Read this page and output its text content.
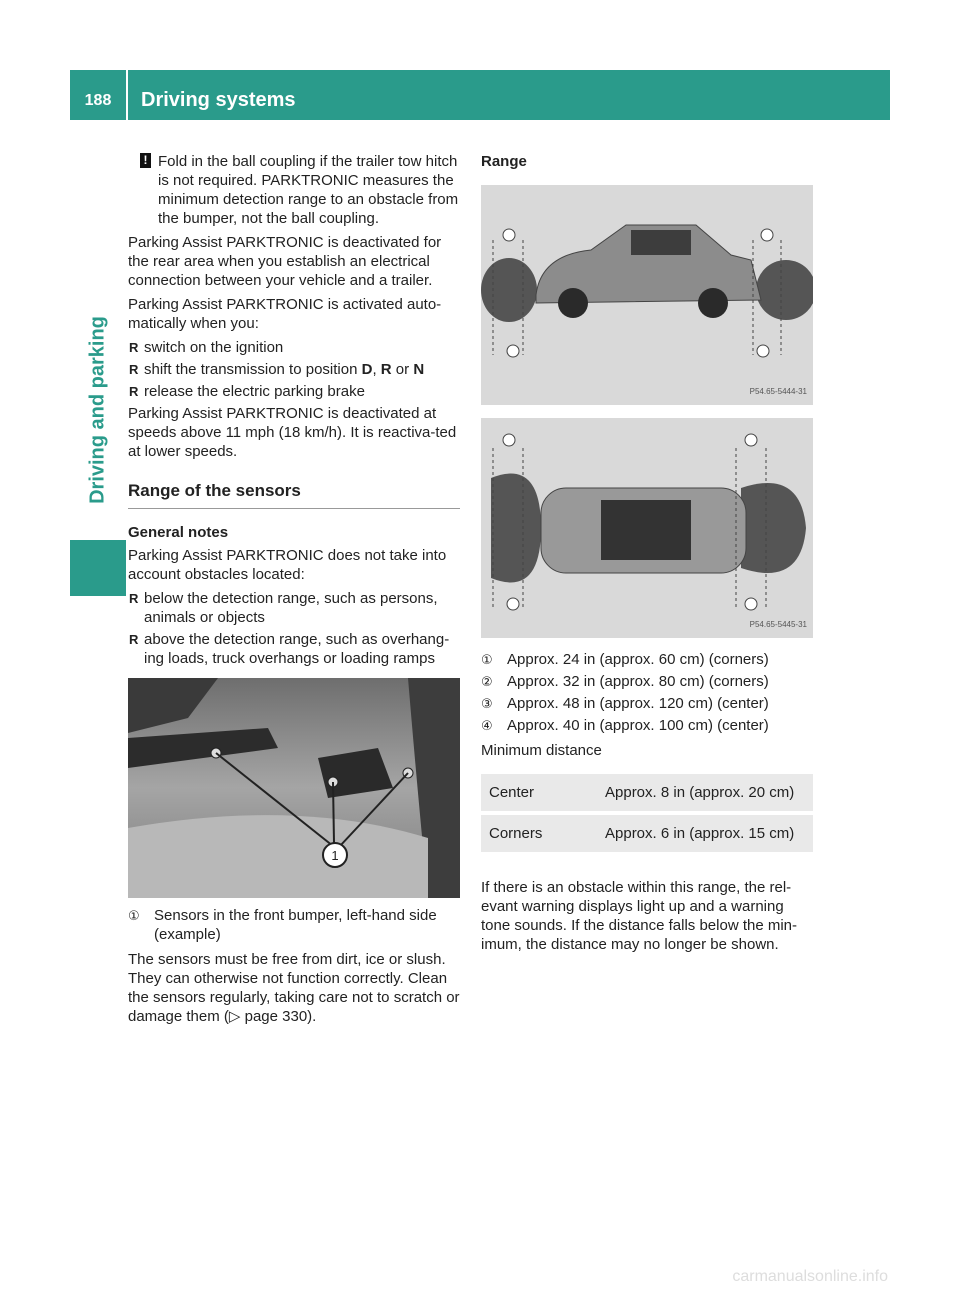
188 Driving systems
Driving and parking

! Fold in the ball coupling if the trailer tow hitch is not required. PARKTRONIC measures the minimum detection range to an obstacle from the bumper, not the ball coupling.

Parking Assist PARKTRONIC is deactivated for the rear area when you establish an electrical connection between your vehicle and a trailer.

Parking Assist PARKTRONIC is activated auto-matically when you:

R switch on the ignition
R shift the transmission to position D, R or N
R release the electric parking brake

Parking Assist PARKTRONIC is deactivated at speeds above 11 mph (18 km/h). It is reactiva-ted at lower speeds.

Range of the sensors
General notes

Parking Assist PARKTRONIC does not take into account obstacles located:

R below the detection range, such as persons, animals or objects
R above the detection range, such as overhang-ing loads, truck overhangs or loading ramps
1
① Sensors in the front bumper, left-hand side (example)

The sensors must be free from dirt, ice or slush. They can otherwise not function correctly. Clean the sensors regularly, taking care not to scratch or damage them (▷ page 330).

Range
P54.65-5444-31
P54.65-5445-31
① Approx. 24 in (approx. 60 cm) (corners)
② Approx. 32 in (approx. 80 cm) (corners)
③ Approx. 48 in (approx. 120 cm) (center)
④ Approx. 40 in (approx. 100 cm) (center)

Minimum distance

Center	Approx. 8 in (approx. 20 cm)
Corners	Approx. 6 in (approx. 15 cm)

If there is an obstacle within this range, the rel-evant warning displays light up and a warning tone sounds. If the distance falls below the min-imum, the distance may no longer be shown.

carmanualsonline.info
